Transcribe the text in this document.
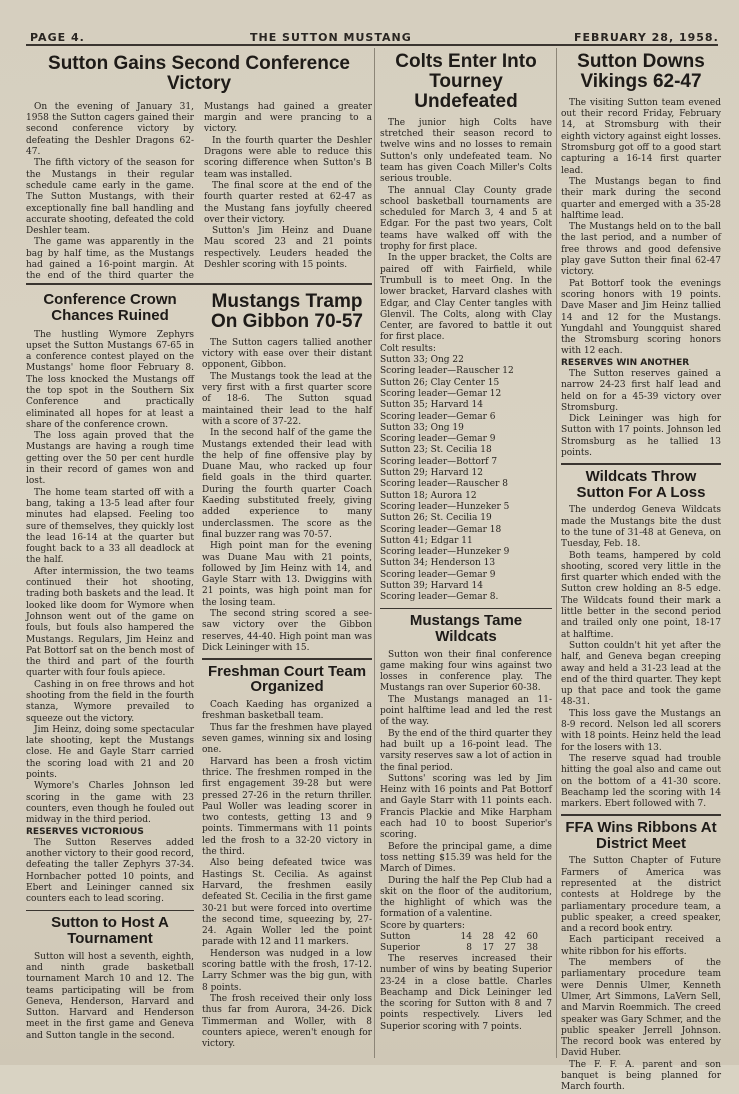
PAGE 4.	THE SUTTON MUSTANG	FEBRUARY 28, 1958.
Sutton Gains Second Conference Victory

On the evening of January 31, 1958 the Sutton cagers gained their second conference victory by defeating the Deshler Dragons 62-47.

The fifth victory of the season for the Mustangs in their regular schedule came early in the game. The Sutton Mustangs, with their exceptionally fine ball handling and accurate shooting, defeated the cold Deshler team.

The game was apparently in the bag by half time, as the Mustangs had gained a 16-point margin. At the end of the third quarter the Mustangs had gained a greater margin and were prancing to a victory.

In the fourth quarter the Deshler Dragons were able to reduce this scoring difference when Sutton's B team was installed.

The final score at the end of the fourth quarter rested at 62-47 as the Mustang fans joyfully cheered over their victory.

Sutton's Jim Heinz and Duane Mau scored 23 and 21 points respectively. Leuders headed the Deshler scoring with 15 points.

Conference Crown Chances Ruined

The hustling Wymore Zephyrs upset the Sutton Mustangs 67-65 in a conference contest played on the Mustangs' home floor February 8. The loss knocked the Mustangs off the top spot in the Southern Six Conference and practically eliminated all hopes for at least a share of the conference crown.

The loss again proved that the Mustangs are having a rough time getting over the 50 per cent hurdle in their record of games won and lost.

The home team started off with a bang, taking a 13-5 lead after four minutes had elapsed. Feeling too sure of themselves, they quickly lost the lead 16-14 at the quarter but fought back to a 33 all deadlock at the half.

After intermission, the two teams continued their hot shooting, trading both baskets and the lead. It looked like doom for Wymore when Johnson went out of the game on fouls, but fouls also hampered the Mustangs. Regulars, Jim Heinz and Pat Bottorf sat on the bench most of the third and part of the fourth quarter with four fouls apiece.

Cashing in on free throws and hot shooting from the field in the fourth stanza, Wymore prevailed to squeeze out the victory.

Jim Heinz, doing some spectacular late shooting, kept the Mustangs close. He and Gayle Starr carried the scoring load with 21 and 20 points.

Wymore's Charles Johnson led scoring in the game with 23 counters, even though he fouled out midway in the third period.

RESERVES VICTORIOUS

The Sutton Reserves added another victory to their good record, defeating the taller Zephyrs 37-34. Hornbacher potted 10 points, and Ebert and Leininger canned six counters each to lead scoring.

Sutton to Host A Tournament

Sutton will host a seventh, eighth, and ninth grade basketball tournament March 10 and 12. The teams participating will be from Geneva, Henderson, Harvard and Sutton. Harvard and Henderson meet in the first game and Geneva and Sutton tangle in the second.

Mustangs Tramp On Gibbon 70-57

The Sutton cagers tallied another victory with ease over their distant opponent, Gibbon.

The Mustangs took the lead at the very first with a first quarter score of 18-6. The Sutton squad maintained their lead to the half with a score of 37-22.

In the second half of the game the Mustangs extended their lead with the help of fine offensive play by Duane Mau, who racked up four field goals in the third quarter. During the fourth quarter Coach Kaeding substituted freely, giving added experience to many underclassmen. The score as the final buzzer rang was 70-57.

High point man for the evening was Duane Mau with 21 points, followed by Jim Heinz with 14, and Gayle Starr with 13. Dwiggins with 21 points, was high point man for the losing team.

The second string scored a see-saw victory over the Gibbon reserves, 44-40. High point man was Dick Leininger with 15.

Freshman Court Team Organized

Coach Kaeding has organized a freshman basketball team.

Thus far the freshmen have played seven games, winning six and losing one.

Harvard has been a frosh victim thrice. The freshmen romped in the first engagement 39-28 but were pressed 27-26 in the return thriller. Paul Woller was leading scorer in two contests, getting 13 and 9 points. Timmermans with 11 points led the frosh to a 32-20 victory in the third.

Also being defeated twice was Hastings St. Cecilia. As against Harvard, the freshmen easily defeated St. Cecilia in the first game 30-21 but were forced into overtime the second time, squeezing by, 27-24. Again Woller led the point parade with 12 and 11 markers.

Henderson was nudged in a low scoring battle with the frosh, 17-12. Larry Schmer was the big gun, with 8 points.

The frosh received their only loss thus far from Aurora, 34-26. Dick Timmerman and Woller, with 8 counters apiece, weren't enough for victory.

Colts Enter Into Tourney Undefeated

The junior high Colts have stretched their season record to twelve wins and no losses to remain Sutton's only undefeated team. No team has given Coach Miller's Colts serious trouble.

The annual Clay County grade school basketball tournaments are scheduled for March 3, 4 and 5 at Edgar. For the past two years, Colt teams have walked off with the trophy for first place.

In the upper bracket, the Colts are paired off with Fairfield, while Trumbull is to meet Ong. In the lower bracket, Harvard clashes with Edgar, and Clay Center tangles with Glenvil. The Colts, along with Clay Center, are favored to battle it out for first place.

Colt results:

Sutton 33; Ong 22

Scoring leader—Rauscher 12

Sutton 26; Clay Center 15

Scoring leader—Gemar 12

Sutton 35; Harvard 14

Scoring leader—Gemar 6

Sutton 33; Ong 19

Scoring leader—Gemar 9

Sutton 23; St. Cecilia 18

Scoring leader—Bottorf 7

Sutton 29; Harvard 12

Scoring leader—Rauscher 8

Sutton 18; Aurora 12

Scoring leader—Hunzeker 5

Sutton 26; St. Cecilia 19

Scoring leader—Gemar 18

Sutton 41; Edgar 11

Scoring leader—Hunzeker 9

Sutton 34; Henderson 13

Scoring leader—Gemar 9

Sutton 39; Harvard 14

Scoring leader—Gemar 8.

Mustangs Tame Wildcats

Sutton won their final conference game making four wins against two losses in conference play. The Mustangs ran over Superior 60-38.

The Mustangs managed an 11-point halftime lead and led the rest of the way.

By the end of the third quarter they had built up a 16-point lead. The varsity reserves saw a lot of action in the final period.

Suttons' scoring was led by Jim Heinz with 16 points and Pat Bottorf and Gayle Starr with 11 points each. Francis Plackie and Mike Harpham each had 10 to boost Superior's scoring.

Before the principal game, a dime toss netting $15.39 was held for the March of Dimes.

During the half the Pep Club had a skit on the floor of the auditorium, the highlight of which was the formation of a valentine.

Score by quarters:

Sutton	14	28	42	60
Superior	8	17	27	38

The reserves increased their number of wins by beating Superior 23-24 in a close battle. Charles Beachamp and Dick Leininger led the scoring for Sutton with 8 and 7 points respectively. Livers led Superior scoring with 7 points.

Sutton Downs Vikings 62-47

The visiting Sutton team evened out their record Friday, February 14, at Stromsburg with their eighth victory against eight losses. Stromsburg got off to a good start capturing a 16-14 first quarter lead.

The Mustangs began to find their mark during the second quarter and emerged with a 35-28 halftime lead.

The Mustangs held on to the ball the last period, and a number of free throws and good defensive play gave Sutton their final 62-47 victory.

Pat Bottorf took the evenings scoring honors with 19 points. Dave Maser and Jim Heinz tallied 14 and 12 for the Mustangs. Yungdahl and Youngquist shared the Stromsburg scoring honors with 12 each.

RESERVES WIN ANOTHER

The Sutton reserves gained a narrow 24-23 first half lead and held on for a 45-39 victory over Stromsburg.

Dick Leininger was high for Sutton with 17 points. Johnson led Stromsburg as he tallied 13 points.

Wildcats Throw Sutton For A Loss

The underdog Geneva Wildcats made the Mustangs bite the dust to the tune of 31-48 at Geneva, on Tuesday, Feb. 18.

Both teams, hampered by cold shooting, scored very little in the first quarter which ended with the Sutton crew holding an 8-5 edge. The Wildcats found their mark a little better in the second period and trailed only one point, 18-17 at halftime.

Sutton couldn't hit yet after the half, and Geneva began creeping away and held a 31-23 lead at the end of the third quarter. They kept up that pace and took the game 48-31.

This loss gave the Mustangs an 8-9 record. Nelson led all scorers with 18 points. Heinz held the lead for the losers with 13.

The reserve squad had trouble hitting the goal also and came out on the bottom of a 41-30 score. Beachamp led the scoring with 14 markers. Ebert followed with 7.

FFA Wins Ribbons At District Meet

The Sutton Chapter of Future Farmers of America was represented at the district contests at Holdrege by the parliamentary procedure team, a public speaker, a creed speaker, and a record book entry.

Each participant received a white ribbon for his efforts.

The members of the parliamentary procedure team were Dennis Ulmer, Kenneth Ulmer, Art Simmons, LaVern Sell, and Marvin Roemmich. The creed speaker was Gary Schmer, and the public speaker Jerrell Johnson. The record book was entered by David Huber.

The F. F. A. parent and son banquet is being planned for March fourth.
